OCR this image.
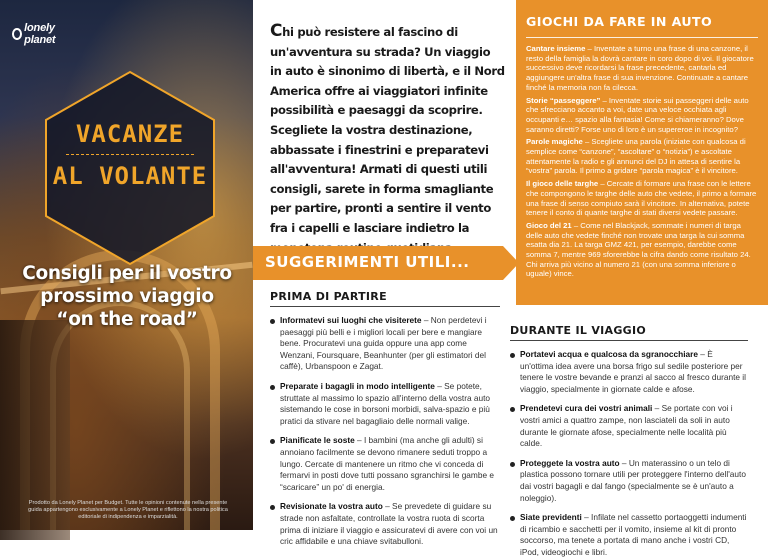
lonely planet
VACANZE
AL VOLANTE
Consigli per il vostro prossimo viaggio “on the road”
Prodotto da Lonely Planet per Budget. Tutte le opinioni contenute nella presente guida appartengono esclusivamente a Lonely Planet e riflettono la nostra politica editoriale di indipendenza e imparzialità.
Chi può resistere al fascino di un'avventura su strada? Un viaggio in auto è sinonimo di libertà, e il Nord America offre ai viaggiatori infinite possibilità e paesaggi da scoprire. Scegliete la vostra destinazione, abbassate i finestrini e preparatevi all'avventura! Armati di questi utili consigli, sarete in forma smagliante per partire, pronti a sentire il vento fra i capelli e lasciare indietro la
SUGGERIMENTI UTILI...
PRIMA DI PARTIRE
Informatevi sui luoghi che visiterete – Non perdetevi i paesaggi più belli e i migliori locali per bere e mangiare bene. Procuratevi una guida oppure una app come Wenzani, Foursquare, Beanhunter (per gli estimatori del caffè), Urbanspoon e Zagat.
Preparate i bagagli in modo intelligente – Se potete, struttate al massimo lo spazio all'interno della vostra auto sistemando le cose in borsoni morbidi, salva-spazio e più pratici da stivare nel bagagliaio delle normali valige.
Pianificate le soste – I bambini (ma anche gli adulti) si annoiano facilmente se devono rimanere seduti troppo a lungo. Cercate di mantenere un ritmo che vi conceda di fermarvi in posti dove tutti possano sgranchirsi le gambe e “scaricare” un po' di energia.
Revisionate la vostra auto – Se prevedete di guidare su strade non asfaltate, controllate la vostra ruota di scorta prima di iniziare il viaggio e assicuratevi di avere con voi un cric affidabile e una chiave svitabulloni.
GIOCHI DA FARE IN AUTO
Cantare insieme – Inventate a turno una frase di una canzone, il resto della famiglia la dovrà cantare in coro dopo di voi. Il giocatore successivo deve ricordarsi la frase precedente, cantarla ed aggiungere un'altra frase di sua invenzione. Continuate a cantare finché la memoria non fa cilecca.
Storie “passeggere” – Inventate storie sui passeggeri delle auto che sfrecciano accanto a voi, date una veloce occhiata agli occupanti e… spazio alla fantasia! Come si chiameranno? Dove saranno diretti? Forse uno di loro è un supereroe in incognito?
Parole magiche – Scegliete una parola (iniziate con qualcosa di semplice come “canzone”, “ascoltare” o “notizia”) e ascoltate attentamente la radio e gli annunci del DJ in attesa di sentire la “vostra” parola. Il primo a gridare “parola magica” è il vincitore.
Il gioco delle targhe – Cercate di formare una frase con le lettere che compongono le targhe delle auto che vedete, il primo a formare una frase di senso compiuto sarà il vincitore. In alternativa, potete tenere il conto di quante targhe di stati diversi vedete passare.
Gioco del 21 – Come nel Blackjack, sommate i numeri di targa delle auto che vedete finché non trovate una targa la cui somma esatta dia 21. La targa GMZ 421, per esempio, darebbe come somma 7, mentre 969 sforerebbe la cifra dando come risultato 24. Chi arriva più vicino al numero 21 (con una somma inferiore o uguale) vince.
DURANTE IL VIAGGIO
Portatevi acqua e qualcosa da sgranocchiare – È un'ottima idea avere una borsa frigo sul sedile posteriore per tenere le vostre bevande e pranzi al sacco al fresco durante il viaggio, specialmente in giornate calde e afose.
Prendetevi cura dei vostri animali – Se portate con voi i vostri amici a quattro zampe, non lasciateli da soli in auto durante le giornate afose, specialmente nelle località più calde.
Proteggete la vostra auto – Un materassino o un telo di plastica possono tornare utili per proteggere l'interno dell'auto dai vostri bagagli e dal fango (specialmente se è un'auto a noleggio).
Siate previdenti – Infilate nel cassetto portaoggetti indumenti di ricambio e sacchetti per il vomito, insieme al kit di pronto soccorso, ma tenete a portata di mano anche i vostri CD, iPod, videogiochi e libri.
